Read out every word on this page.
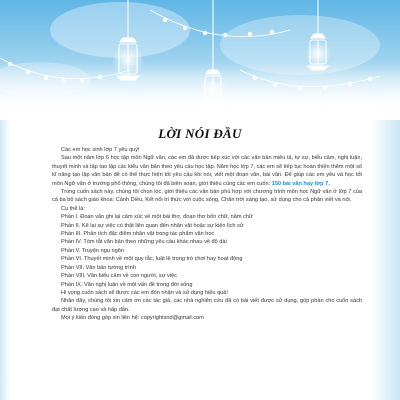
LỜI NÓI ĐẦU

Các em học sinh lớp 7 yêu quý!

Sau một năm lớp 6 học tập môn Ngữ văn, các em đã được tiếp xúc với các văn bản miêu tả, tự sự, biểu cảm, nghị luận, thuyết minh và tập tạo lập các kiểu văn bản theo yêu cầu học tập. Năm học lớp 7, các em sẽ tiếp tục hoàn thiện thêm một số kĩ năng tạo lập văn bản để có thể thực hiện tốt yêu cầu khi nói, viết một đoạn văn, bài văn. Để giúp các em yêu và học tốt môn Ngữ văn ở trường phổ thông, chúng tôi đã biên soạn, giới thiệu cùng các em cuốn: 150 bài văn hay lớp 7.

Trong cuốn sách này, chúng tôi chọn lọc, giới thiệu các văn bản phù hợp với chương trình môn học Ngữ văn ở lớp 7 của cả ba bộ sách giáo khoa: Cánh Diều, Kết nối tri thức với cuộc sống, Chân trời sáng tạo, sử dụng cho cả phân viết và nói.

Cụ thể là:

Phần I. Đoạn văn ghi lại cảm xúc về một bài thơ, đoạn thơ bốn chữ, năm chữ

Phần II. Kể lại sự việc có thật liên quan đến nhân vật hoặc sự kiện lịch sử

Phần III. Phân tích đặc điểm nhân vật trong tác phẩm văn học

Phần IV. Tóm tắt văn bản theo những yêu cầu khác nhau về độ dài

Phần V. Truyện ngụ ngôn

Phần VI. Thuyết minh về một quy tắc, luật lệ trong trò chơi hay hoạt động

Phần VII. Văn bản tường trình

Phần VIII. Văn biểu cảm về con người, sự việc

Phần IX. Văn nghị luận về một vấn đề trong đời sống

Hi vọng cuốn sách sẽ được các em đón nhận và sử dụng hiệu quả!

Nhân đây, chúng tôi xin cảm ơn các tác giả, các nhà nghiên cứu đã có bài viết được sử dụng, góp phần cho cuốn sách đạt chất lượng cao và hấp dẫn.

Mọi ý kiến đóng góp xin liên hệ: copyrightsnd@gmail.com
